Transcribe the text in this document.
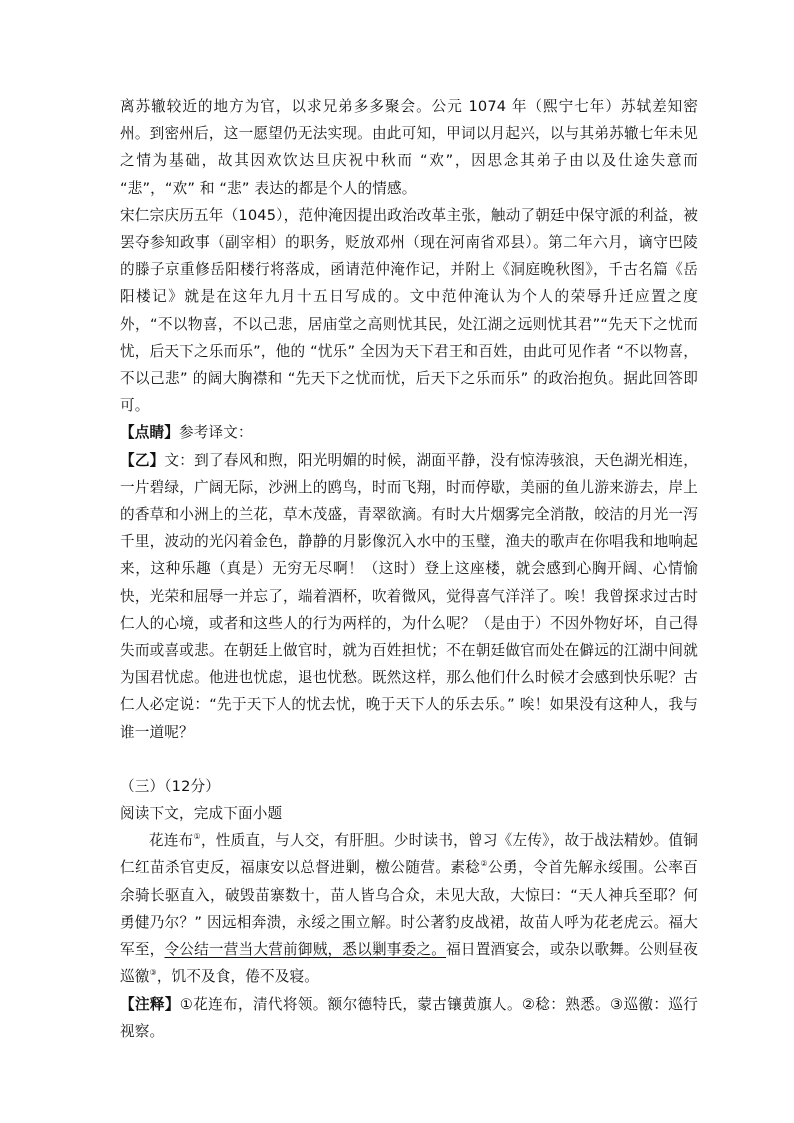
离苏辙较近的地方为官，以求兄弟多多聚会。公元 1074 年（熙宁七年）苏轼差知密州。到密州后，这一愿望仍无法实现。由此可知，甲词以月起兴，以与其弟苏辙七年未见之情为基础，故其因欢饮达旦庆祝中秋而 “欢”，因思念其弟子由以及仕途失意而 “悲”，“欢” 和 “悲” 表达的都是个人的情感。

宋仁宗庆历五年（1045），范仲淹因提出政治改革主张，触动了朝廷中保守派的利益，被罢夺参知政事（副宰相）的职务，贬放邓州（现在河南省邓县）。第二年六月，谪守巴陵的滕子京重修岳阳楼行将落成，函请范仲淹作记，并附上《洞庭晚秋图》，千古名篇《岳阳楼记》就是在这年九月十五日写成的。文中范仲淹认为个人的荣辱升迁应置之度外，“不以物喜，不以己悲，居庙堂之高则忧其民，处江湖之远则忧其君”“先天下之忧而忧，后天下之乐而乐”，他的 “忧乐” 全因为天下君王和百姓，由此可见作者 “不以物喜，不以己悲” 的阔大胸襟和 “先天下之忧而忧，后天下之乐而乐” 的政治抱负。据此回答即可。

【点睛】参考译文：

【乙】文：到了春风和煦，阳光明媚的时候，湖面平静，没有惊涛骇浪，天色湖光相连，一片碧绿，广阔无际，沙洲上的鸥鸟，时而飞翔，时而停歇，美丽的鱼儿游来游去，岸上的香草和小洲上的兰花，草木茂盛，青翠欲滴。有时大片烟雾完全消散，皎洁的月光一泻千里，波动的光闪着金色，静静的月影像沉入水中的玉璧，渔夫的歌声在你唱我和地响起来，这种乐趣（真是）无穷无尽啊！（这时）登上这座楼，就会感到心胸开阔、心情愉快，光荣和屈辱一并忘了，端着酒杯，吹着微风，觉得喜气洋洋了。唉！我曾探求过古时仁人的心境，或者和这些人的行为两样的，为什么呢？（是由于）不因外物好坏，自己得失而或喜或悲。在朝廷上做官时，就为百姓担忧；不在朝廷做官而处在僻远的江湖中间就为国君忧虑。他进也忧虑，退也忧愁。既然这样，那么他们什么时候才会感到快乐呢？古仁人必定说：“先于天下人的忧去忧，晚于天下人的乐去乐。” 唉！如果没有这种人，我与谁一道呢？

（三）（12分）

阅读下文，完成下面小题

花连布①，性质直，与人交，有肝胆。少时读书，曾习《左传》，故于战法精妙。值铜仁红苗杀官吏反，福康安以总督进剿，檄公随营。素稔②公勇，令首先解永绥围。公率百余骑长驱直入，破毁苗寨数十，苗人皆乌合众，未见大敌，大惊曰：“天人神兵至耶？何勇健乃尔？” 因远相奔溃，永绥之围立解。时公著豹皮战裙，故苗人呼为花老虎云。福大军至，令公结一营当大营前御贼，悉以剿事委之。福日置酒宴会，或杂以歌舞。公则昼夜巡徼③，饥不及食，倦不及寝。

【注释】①花连布，清代将领。额尔德特氏，蒙古镶黄旗人。②稔：熟悉。③巡徼：巡行视察。
